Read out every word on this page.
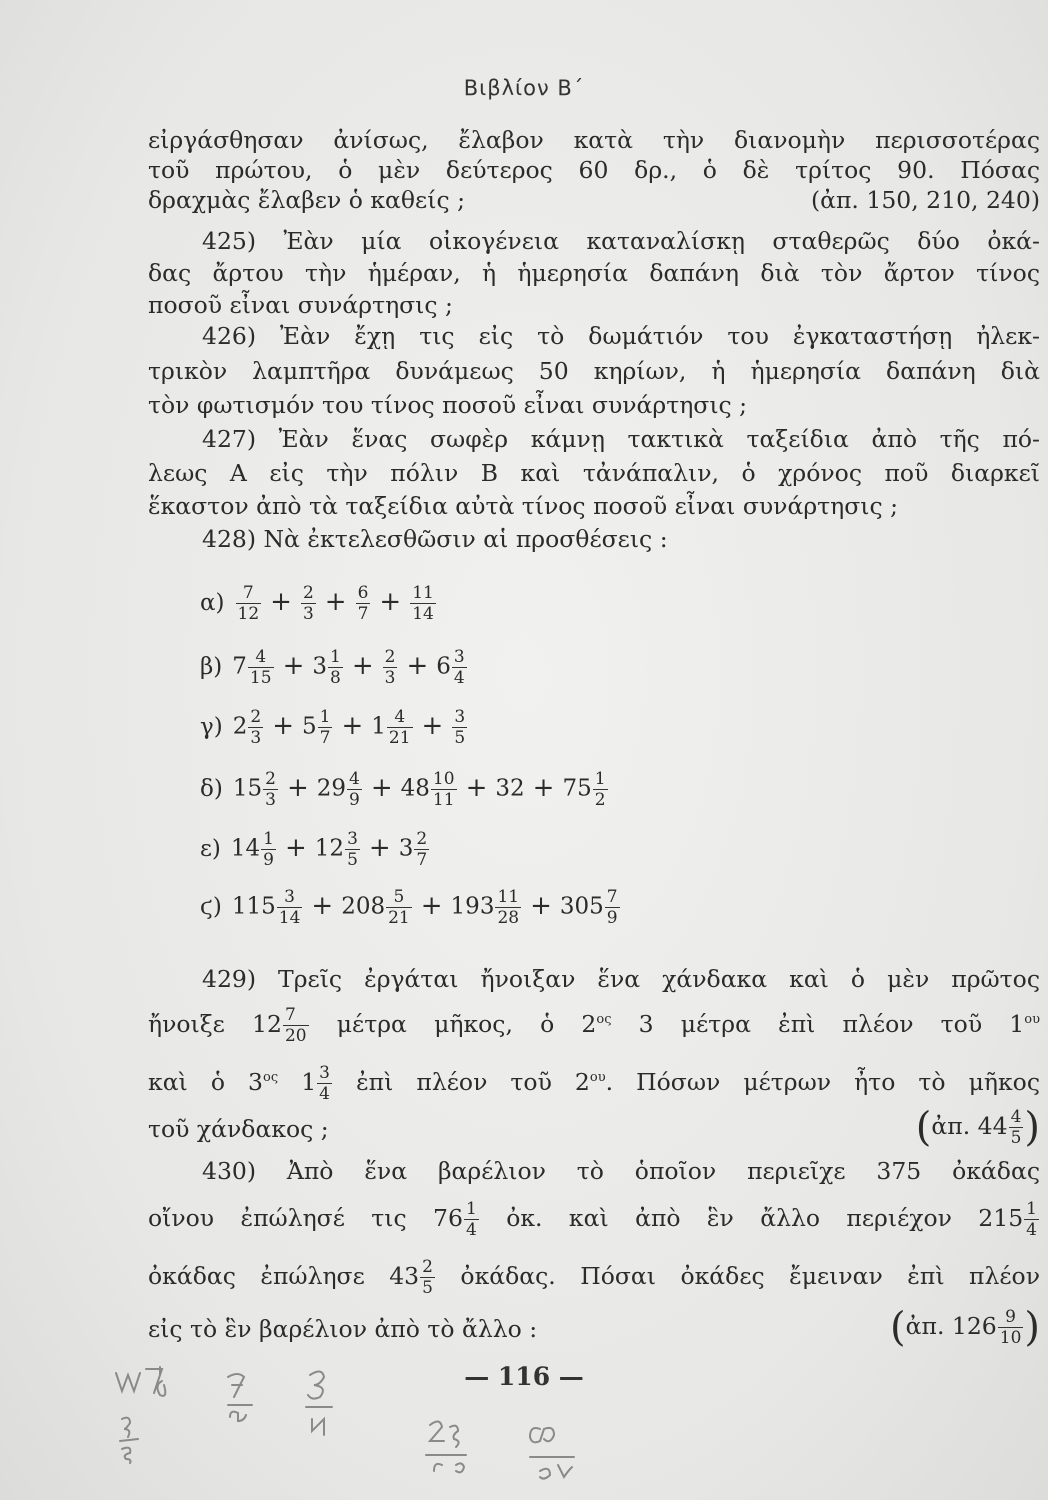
Βιβλίον Β΄
εἰργάσθησαν ἀνίσως, ἔλαβον κατὰ τὴν διανομὴν περισσοτέρας
τοῦ πρώτου, ὁ μὲν δεύτερος 60 δρ., ὁ δὲ τρίτος 90. Πόσας
δραχμὰς ἔλαβεν ὁ καθείς ;	(ἀπ. 150, 210, 240)
425) Ἐὰν μία οἰκογένεια καταναλίσκῃ σταθερῶς δύο ὀκά-
δας ἄρτου τὴν ἡμέραν, ἡ ἡμερησία δαπάνη διὰ τὸν ἄρτον τίνος
ποσοῦ εἶναι συνάρτησις ;
426) Ἐὰν ἔχῃ τις εἰς τὸ δωμάτιόν του ἐγκαταστήσῃ ἠλεκ-
τρικὸν λαμπτῆρα δυνάμεως 50 κηρίων, ἡ ἡμερησία δαπάνη διὰ
τὸν φωτισμόν του τίνος ποσοῦ εἶναι συνάρτησις ;
427) Ἐὰν ἕνας σωφὲρ κάμνῃ τακτικὰ ταξείδια ἀπὸ τῆς πό-
λεως Α εἰς τὴν πόλιν Β καὶ τἀνάπαλιν, ὁ χρόνος ποῦ διαρκεῖ
ἕκαστον ἀπὸ τὰ ταξείδια αὐτὰ τίνος ποσοῦ εἶναι συνάρτησις ;
428) Νὰ ἐκτελεσθῶσιν αἱ προσθέσεις :
$\alpha) \frac{7}{12} + \frac{2}{3} + \frac{6}{7} + \frac{11}{14}$
β) $7 \frac{4}{15} + 3 \frac{1}{8} + \frac{2}{3} + 6 \frac{3}{4}$
γ) $2 \frac{2}{3} + 5 \frac{1}{7} + 1 \frac{4}{21} + \frac{3}{5}$
δ) $15 \frac{2}{3} + 29 \frac{4}{9} + 48 \frac{10}{11} + 32 + 75 \frac{1}{2}$
ε) $14 \frac{1}{9} + 12 \frac{3}{5} + 3 \frac{2}{7}$
ϛ) $115 \frac{3}{14} + 208 \frac{5}{21} + 193 \frac{11}{28} + 305 \frac{7}{9}$
429) Τρεῖς ἐργάται ἤνοιξαν ἕνα χάνδακα καὶ ὁ μὲν πρῶτος
ἤνοιξε $12 \frac{7}{20}$ μέτρα μῆκος, ὁ $2^{o\varsigma}$ 3 μέτρα ἐπὶ πλέον τοῦ $1^{o\upsilon}$
καὶ ὁ $3^{o\varsigma}$ $1 \frac{3}{4}$ ἐπὶ πλέον τοῦ $2^{o\upsilon}$. Πόσων μέτρων ἦτο τὸ μῆκος
τοῦ χάνδακος ;	(ἀπ. $44 \frac{4}{5}$ )
430) Ἀπὸ ἕνα βαρέλιον τὸ ὁποῖον περιεῖχε 375 ὀκάδας
οἴνου ἐπώλησέ τις $76 \frac{1}{4}$ ὀκ. καὶ ἀπὸ ἓν ἄλλο περιέχον $215 \frac{1}{4}$
ὀκάδας ἐπώλησε $43 \frac{2}{5}$ ὀκάδας. Πόσαι ὀκάδες ἔμειναν ἐπὶ πλέον
εἰς τὸ ἓν βαρέλιον ἀπὸ τὸ ἄλλο :	(ἀπ. $126 \frac{9}{10}$ )
— 116 —
